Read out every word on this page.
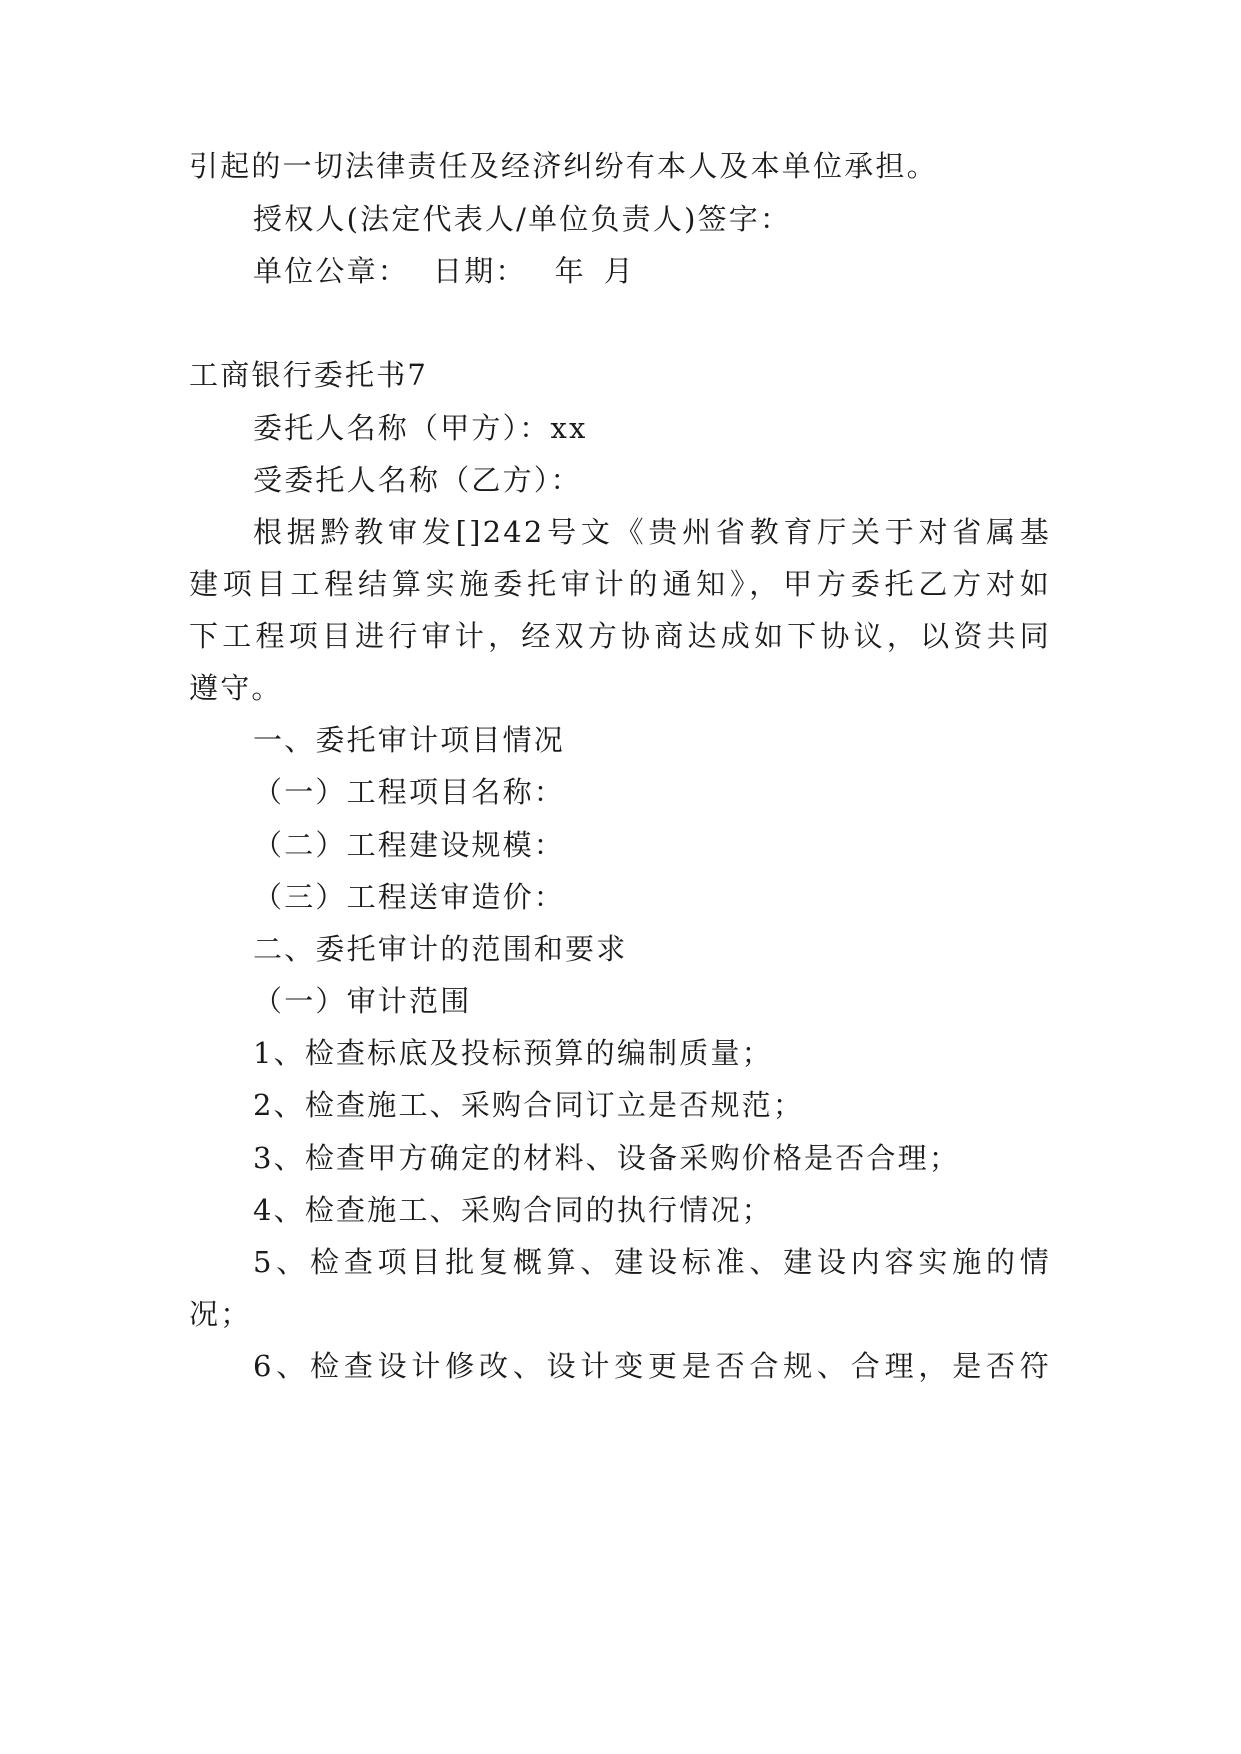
引起的一切法律责任及经济纠纷有本人及本单位承担。
授权人(法定代表人/单位负责人)签字：
单位公章： 日期： 年 月
工商银行委托书7
委托人名称（甲方）：xx
受委托人名称（乙方）：
根据黔教审发[]242号文《贵州省教育厅关于对省属基
建项目工程结算实施委托审计的通知》，甲方委托乙方对如
下工程项目进行审计，经双方协商达成如下协议，以资共同
遵守。
一、委托审计项目情况
（一）工程项目名称：
（二）工程建设规模：
（三）工程送审造价：
二、委托审计的范围和要求
（一）审计范围
1、检查标底及投标预算的编制质量；
2、检查施工、采购合同订立是否规范；
3、检查甲方确定的材料、设备采购价格是否合理；
4、检查施工、采购合同的执行情况；
5、检查项目批复概算、建设标准、建设内容实施的情
况；
6、检查设计修改、设计变更是否合规、合理，是否符
